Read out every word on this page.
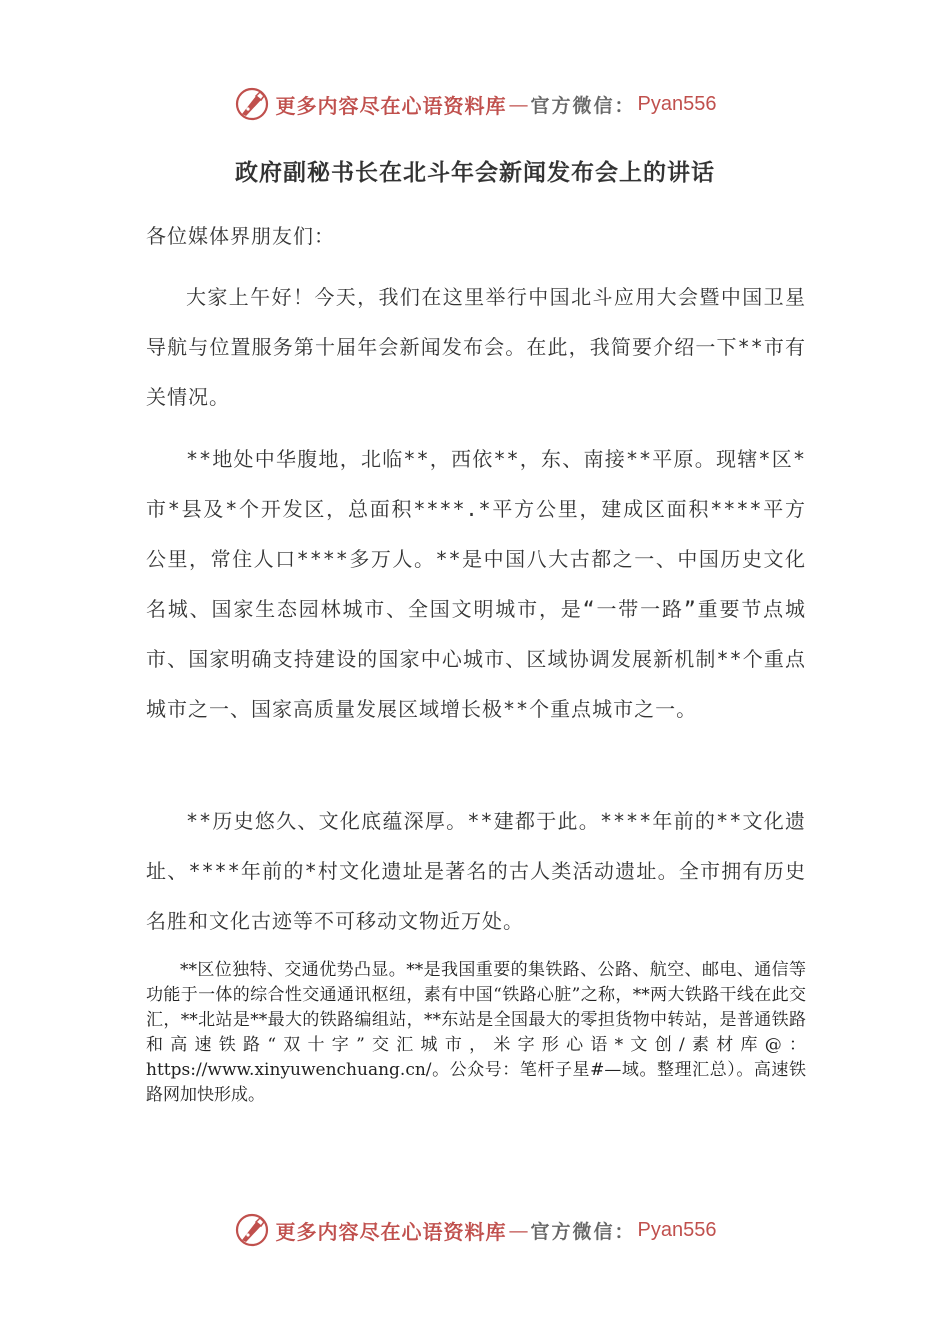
更多内容尽在心语资料库 — 官方微信： Pyan556
政府副秘书长在北斗年会新闻发布会上的讲话
各位媒体界朋友们：

大家上午好！今天，我们在这里举行中国北斗应用大会暨中国卫星导航与位置服务第十届年会新闻发布会。在此，我简要介绍一下**市有关情况。

**地处中华腹地，北临**，西依**，东、南接**平原。现辖*区*市*县及*个开发区，总面积****.*平方公里，建成区面积****平方公里，常住人口****多万人。**是中国八大古都之一、中国历史文化名城、国家生态园林城市、全国文明城市，是“一带一路”重要节点城市、国家明确支持建设的国家中心城市、区域协调发展新机制**个重点城市之一、国家高质量发展区域增长极**个重点城市之一。

**历史悠久、文化底蕴深厚。**建都于此。****年前的**文化遗址、****年前的*村文化遗址是著名的古人类活动遗址。全市拥有历史名胜和文化古迹等不可移动文物近万处。

**区位独特、交通优势凸显。**是我国重要的集铁路、公路、航空、邮电、通信等功能于一体的综合性交通通讯枢纽，素有中国“铁路心脏”之称，**两大铁路干线在此交汇，**北站是**最大的铁路编组站，**东站是全国最大的零担货物中转站，是普通铁路和高速铁路“双十字”交汇城市，米字形心语*文创/素材库@：https://www.xinyuwenchuang.cn/。公众号：笔杆子星#—域。整理汇总）。高速铁路网加快形成。

更多内容尽在心语资料库 — 官方微信： Pyan556
